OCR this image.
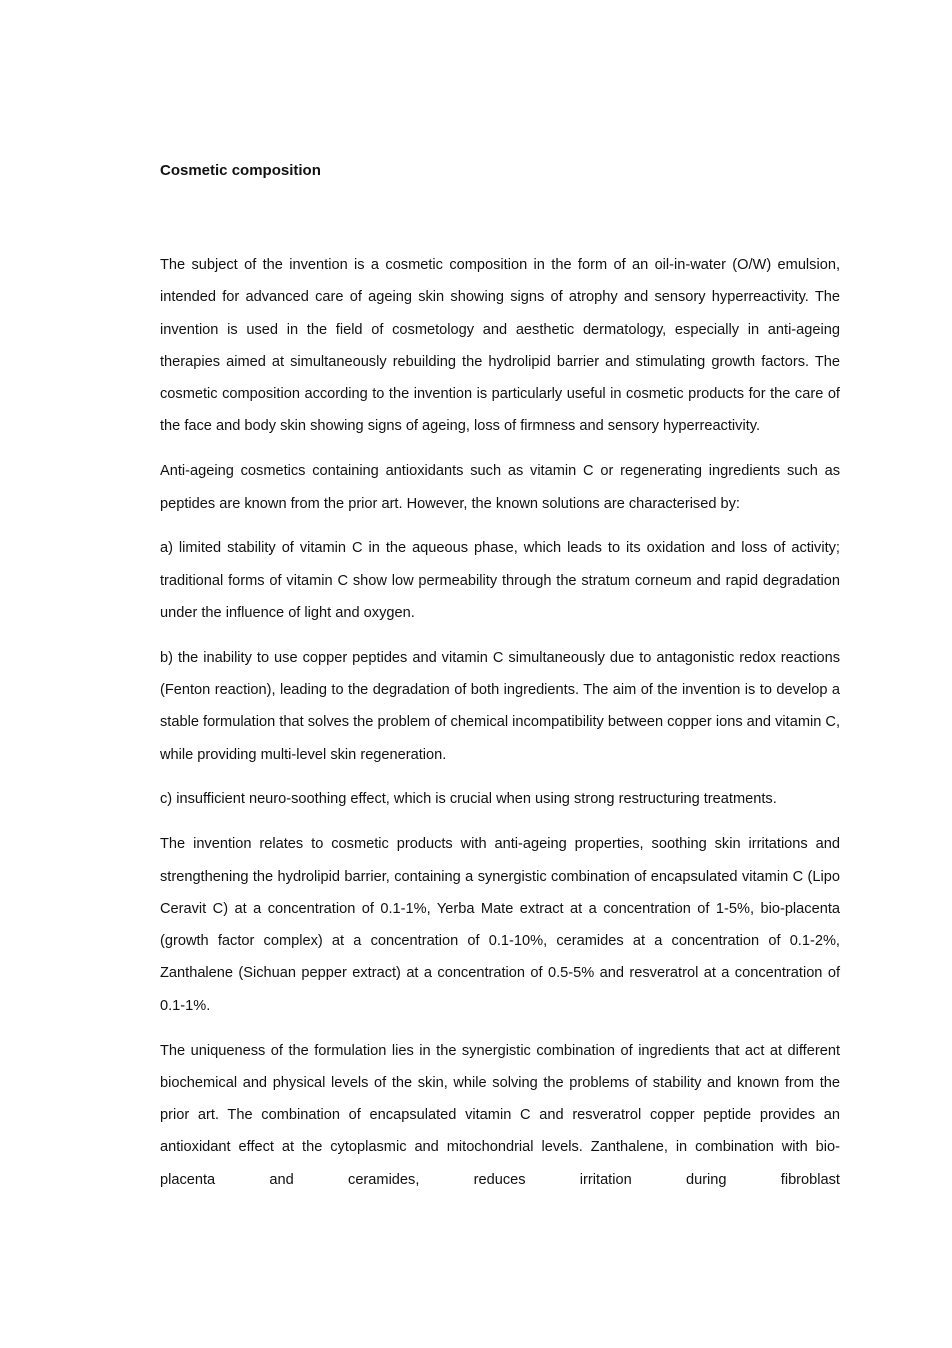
Cosmetic composition

The subject of the invention is a cosmetic composition in the form of an oil-in-water (O/W) emulsion, intended for advanced care of ageing skin showing signs of atrophy and sensory hyperreactivity. The invention is used in the field of cosmetology and aesthetic dermatology, especially in anti-ageing therapies aimed at simultaneously rebuilding the hydrolipid barrier and stimulating growth factors. The cosmetic composition according to the invention is particularly useful in cosmetic products for the care of the face and body skin showing signs of ageing, loss of firmness and sensory hyperreactivity.

Anti-ageing cosmetics containing antioxidants such as vitamin C or regenerating ingredients such as peptides are known from the prior art. However, the known solutions are characterised by:

a) limited stability of vitamin C in the aqueous phase, which leads to its oxidation and loss of activity; traditional forms of vitamin C show low permeability through the stratum corneum and rapid degradation under the influence of light and oxygen.

b) the inability to use copper peptides and vitamin C simultaneously due to antagonistic redox reactions (Fenton reaction), leading to the degradation of both ingredients. The aim of the invention is to develop a stable formulation that solves the problem of chemical incompatibility between copper ions and vitamin C, while providing multi-level skin regeneration.

c) insufficient neuro-soothing effect, which is crucial when using strong restructuring treatments.

The invention relates to cosmetic products with anti-ageing properties, soothing skin irritations and strengthening the hydrolipid barrier, containing a synergistic combination of encapsulated vitamin C (Lipo Ceravit C) at a concentration of 0.1-1%, Yerba Mate extract at a concentration of 1-5%, bio-placenta (growth factor complex) at a concentration of 0.1-10%, ceramides at a concentration of 0.1-2%, Zanthalene (Sichuan pepper extract) at a concentration of 0.5-5% and resveratrol at a concentration of 0.1-1%.

The uniqueness of the formulation lies in the synergistic combination of ingredients that act at different biochemical and physical levels of the skin, while solving the problems of stability and known from the prior art. The combination of encapsulated vitamin C and resveratrol copper peptide provides an antioxidant effect at the cytoplasmic and mitochondrial levels. Zanthalene, in combination with bio-placenta and ceramides, reduces irritation during fibroblast
